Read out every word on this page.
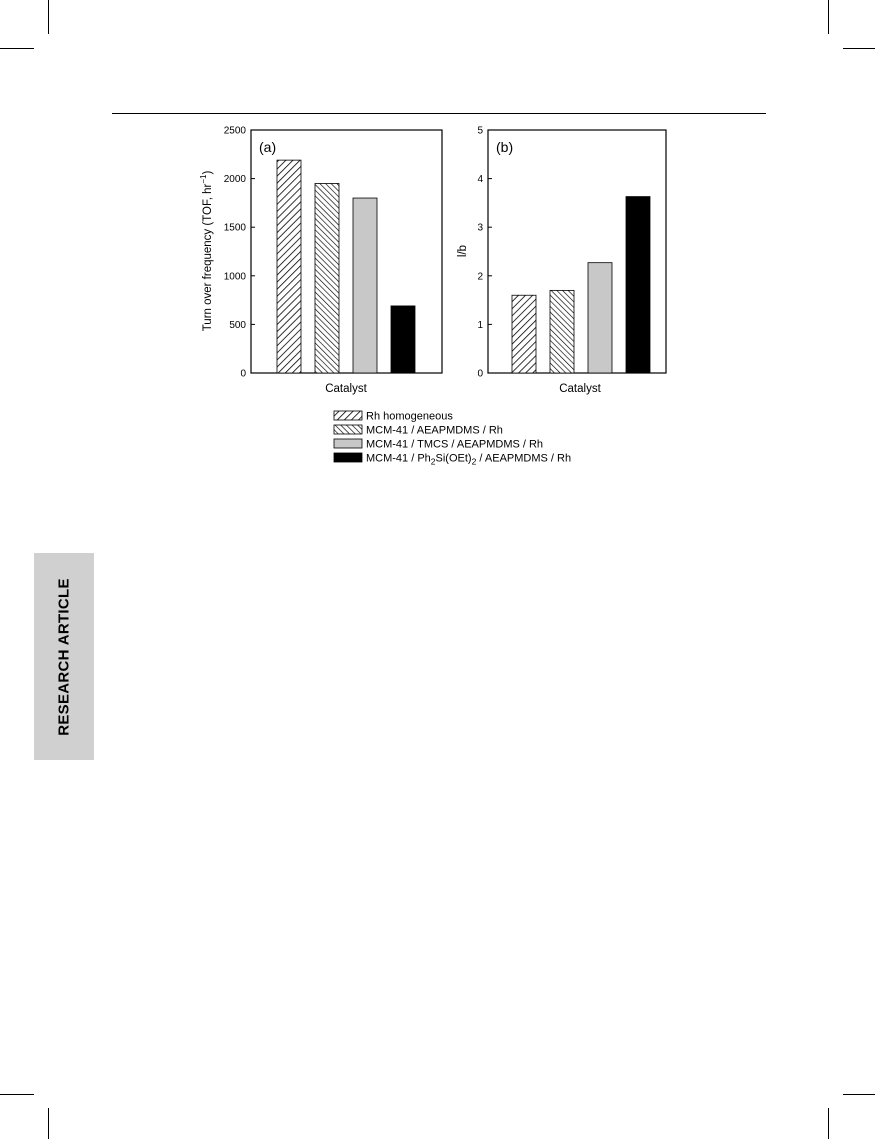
RESEARCH ARTICLE
(a)
0
500
1000
1500
2000
2500
Catalyst
Turn over frequency (TOF, $hr^{-1}$)
(b)
0
1
2
3
4
5
Catalyst
l/b
Rh homogeneous
MCM-41 / AEAPMDMS / Rh
MCM-41 / TMCS / AEAPMDMS / Rh
$MCM-41 / Ph_2Si(OEt)_2$ / AEAPMDMS / Rh
